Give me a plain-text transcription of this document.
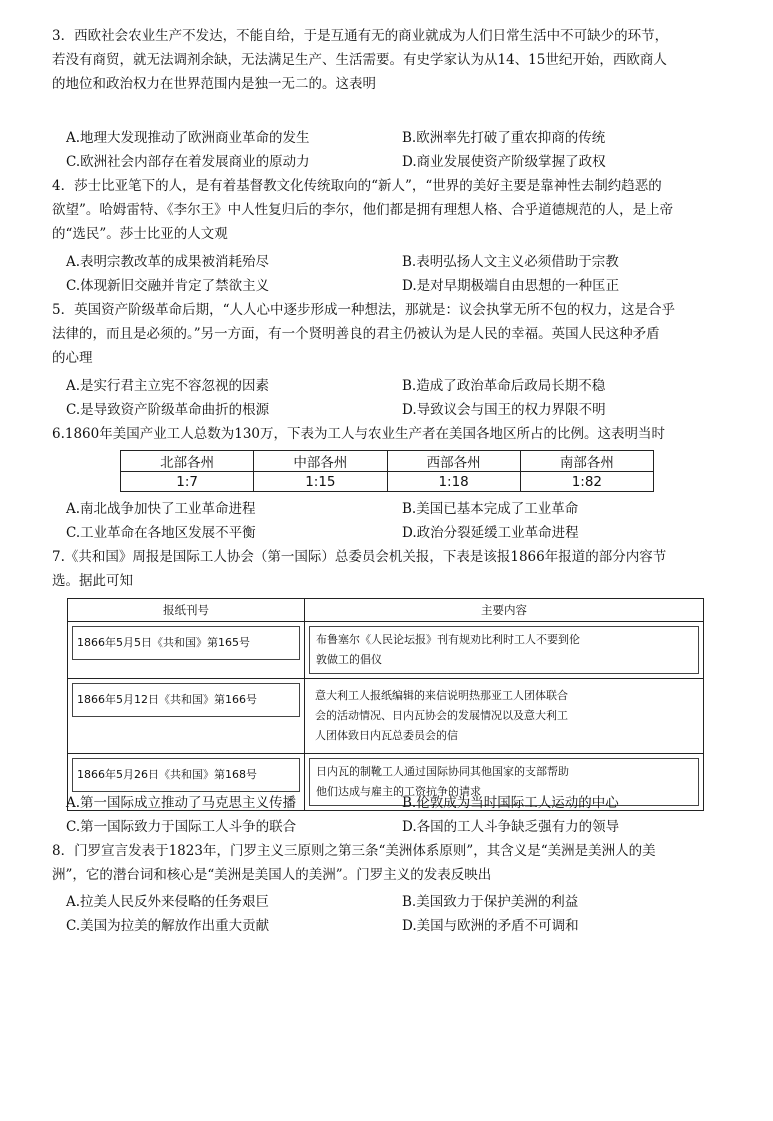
3．西欧社会农业生产不发达，不能自给，于是互通有无的商业就成为人们日常生活中不可缺少的环节，
若没有商贸，就无法调剂余缺，无法满足生产、生活需要。有史学家认为从14、15世纪开始，西欧商人
的地位和政治权力在世界范围内是独一无二的。这表明
A.地理大发现推动了欧洲商业革命的发生	B.欧洲率先打破了重农抑商的传统
C.欧洲社会内部存在着发展商业的原动力	D.商业发展使资产阶级掌握了政权
4．莎士比亚笔下的人，是有着基督教文化传统取向的“新人”，“世界的美好主要是靠神性去制约趋恶的
欲望”。哈姆雷特、《李尔王》中人性复归后的李尔，他们都是拥有理想人格、合乎道德规范的人，是上帝
的“选民”。莎士比亚的人文观
A.表明宗教改革的成果被消耗殆尽	B.表明弘扬人文主义必须借助于宗教
C.体现新旧交融并肯定了禁欲主义	D.是对早期极端自由思想的一种匡正
5．英国资产阶级革命后期，“人人心中逐步形成一种想法，那就是：议会执掌无所不包的权力，这是合乎
法律的，而且是必须的。”另一方面，有一个贤明善良的君主仍被认为是人民的幸福。英国人民这种矛盾
的心理
A.是实行君主立宪不容忽视的因素	B.造成了政治革命后政局长期不稳
C.是导致资产阶级革命曲折的根源	D.导致议会与国王的权力界限不明
6.1860年美国产业工人总数为130万，下表为工人与农业生产者在美国各地区所占的比例。这表明当时
北部各州	中部各州	西部各州	南部各州
1:7	1:15	1:18	1:82
A.南北战争加快了工业革命进程	B.美国已基本完成了工业革命
C.工业革命在各地区发展不平衡	D.政治分裂延缓工业革命进程
7.《共和国》周报是国际工人协会（第一国际）总委员会机关报，下表是该报1866年报道的部分内容节
选。据此可知
报纸刊号	主要内容

1866年5月5日《共和国》第165号	布鲁塞尔《人民论坛报》刊有规劝比利时工人不要到伦
敦做工的倡仪

1866年5月12日《共和国》第166号	意大利工人报纸编辑的来信说明热那亚工人团体联合
会的活动情况、日内瓦协会的发展情况以及意大利工
人团体致日内瓦总委员会的信

1866年5月26日《共和国》第168号	日内瓦的制靴工人通过国际协同其他国家的支部帮助
他们达成与雇主的工资抗争的请求
A.第一国际成立推动了马克思主义传播	B.伦敦成为当时国际工人运动的中心
C.第一国际致力于国际工人斗争的联合	D.各国的工人斗争缺乏强有力的领导
8．门罗宣言发表于1823年，门罗主义三原则之第三条“美洲体系原则”，其含义是“美洲是美洲人的美
洲”，它的潜台词和核心是“美洲是美国人的美洲”。门罗主义的发表反映出
A.拉美人民反外来侵略的任务艰巨	B.美国致力于保护美洲的利益
C.美国为拉美的解放作出重大贡献	D.美国与欧洲的矛盾不可调和
